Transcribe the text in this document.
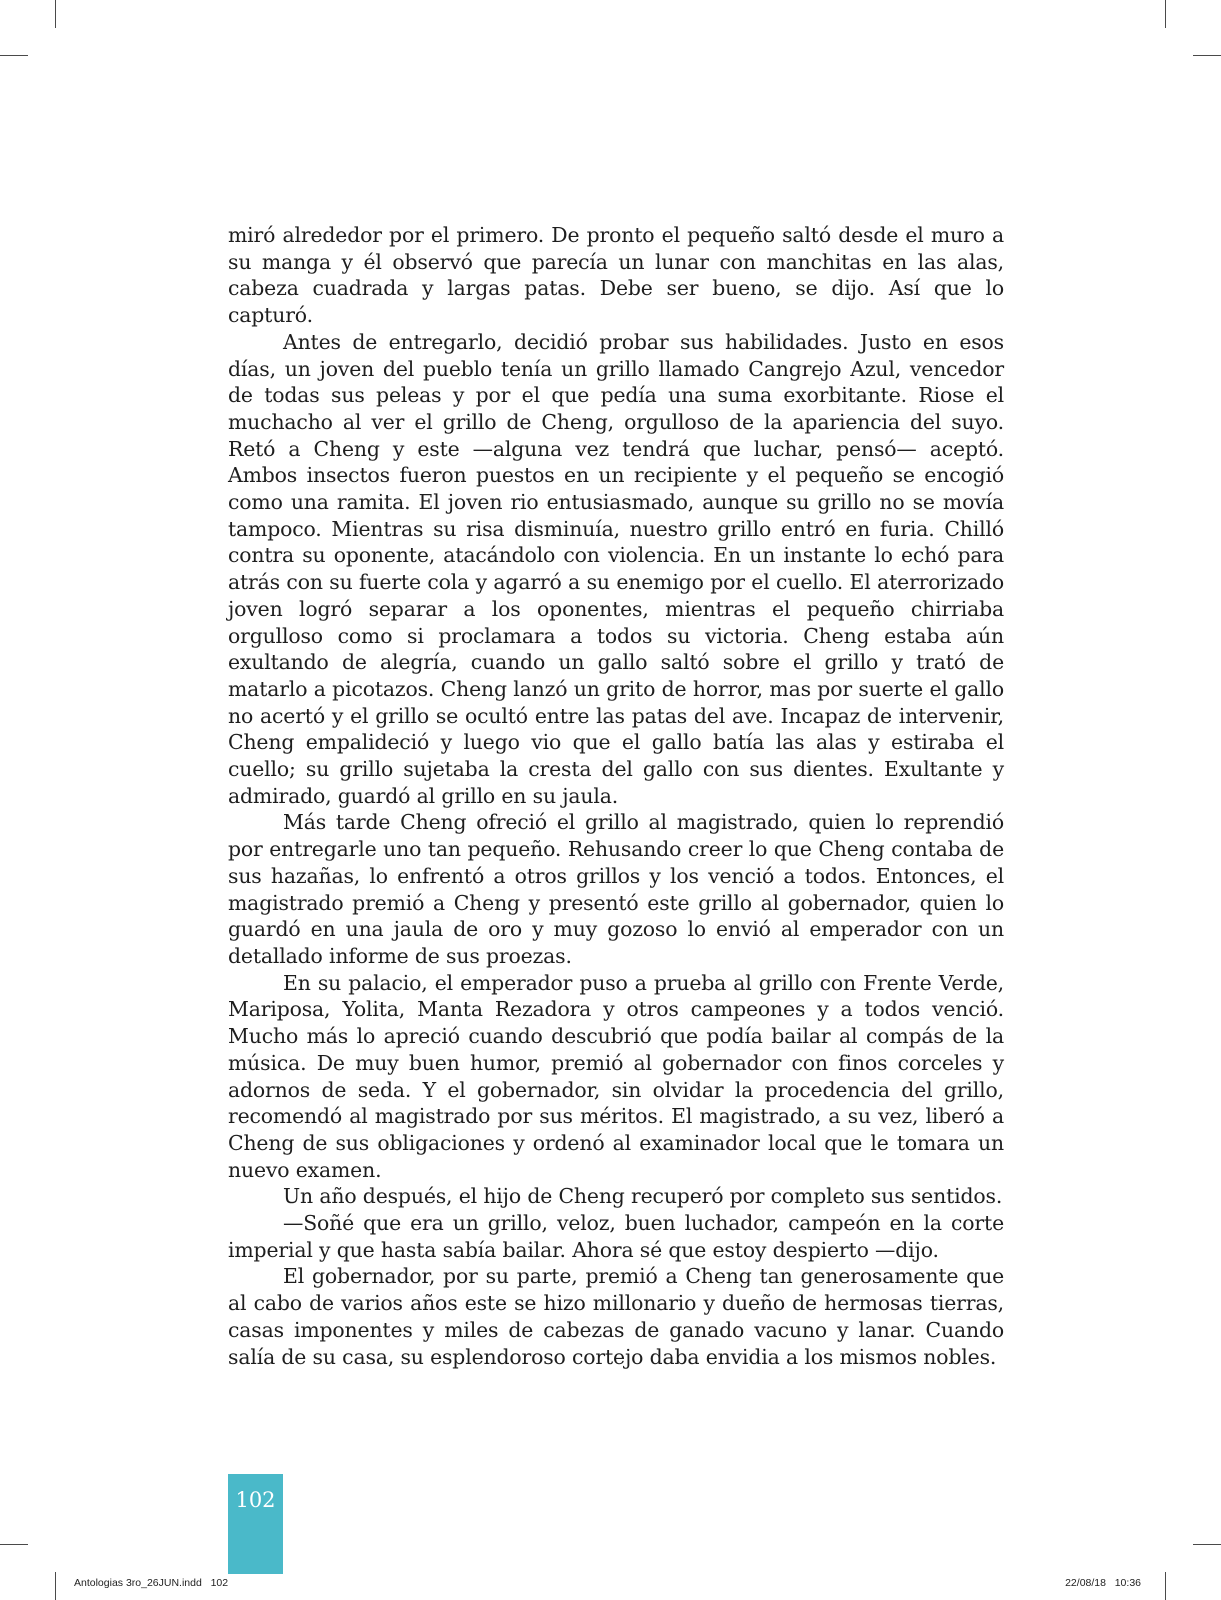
miró alrededor por el primero. De pronto el pequeño saltó desde el muro a su manga y él observó que parecía un lunar con manchitas en las alas, cabeza cuadrada y largas patas. Debe ser bueno, se dijo. Así que lo capturó.

Antes de entregarlo, decidió probar sus habilidades. Justo en esos días, un joven del pueblo tenía un grillo llamado Cangrejo Azul, vencedor de todas sus peleas y por el que pedía una suma exorbitante. Riose el muchacho al ver el grillo de Cheng, orgulloso de la apariencia del suyo. Retó a Cheng y este —alguna vez tendrá que luchar, pensó— aceptó. Ambos insectos fueron puestos en un recipiente y el pequeño se encogió como una ramita. El joven rio entusiasmado, aunque su grillo no se movía tampoco. Mientras su risa disminuía, nuestro grillo entró en furia. Chilló contra su oponente, atacándolo con violencia. En un instante lo echó para atrás con su fuerte cola y agarró a su enemigo por el cuello. El aterrorizado joven logró separar a los oponentes, mientras el pequeño chirriaba orgulloso como si proclamara a todos su victoria. Cheng estaba aún exultando de alegría, cuando un gallo saltó sobre el grillo y trató de matarlo a picotazos. Cheng lanzó un grito de horror, mas por suerte el gallo no acertó y el grillo se ocultó entre las patas del ave. Incapaz de intervenir, Cheng empalideció y luego vio que el gallo batía las alas y estiraba el cuello; su grillo sujetaba la cresta del gallo con sus dientes. Exultante y admirado, guardó al grillo en su jaula.

Más tarde Cheng ofreció el grillo al magistrado, quien lo reprendió por entregarle uno tan pequeño. Rehusando creer lo que Cheng contaba de sus hazañas, lo enfrentó a otros grillos y los venció a todos. Entonces, el magistrado premió a Cheng y presentó este grillo al gobernador, quien lo guardó en una jaula de oro y muy gozoso lo envió al emperador con un detallado informe de sus proezas.

En su palacio, el emperador puso a prueba al grillo con Frente Verde, Mariposa, Yolita, Manta Rezadora y otros campeones y a todos venció. Mucho más lo apreció cuando descubrió que podía bailar al compás de la música. De muy buen humor, premió al gobernador con finos corceles y adornos de seda. Y el gobernador, sin olvidar la procedencia del grillo, recomendó al magistrado por sus méritos. El magistrado, a su vez, liberó a Cheng de sus obligaciones y ordenó al examinador local que le tomara un nuevo examen.

Un año después, el hijo de Cheng recuperó por completo sus sentidos.

—Soñé que era un grillo, veloz, buen luchador, campeón en la corte imperial y que hasta sabía bailar. Ahora sé que estoy despierto —dijo.

El gobernador, por su parte, premió a Cheng tan generosamente que al cabo de varios años este se hizo millonario y dueño de hermosas tierras, casas imponentes y miles de cabezas de ganado vacuno y lanar. Cuando salía de su casa, su esplendoroso cortejo daba envidia a los mismos nobles.

102
Antologias 3ro_26JUN.indd   102	22/08/18   10:36
